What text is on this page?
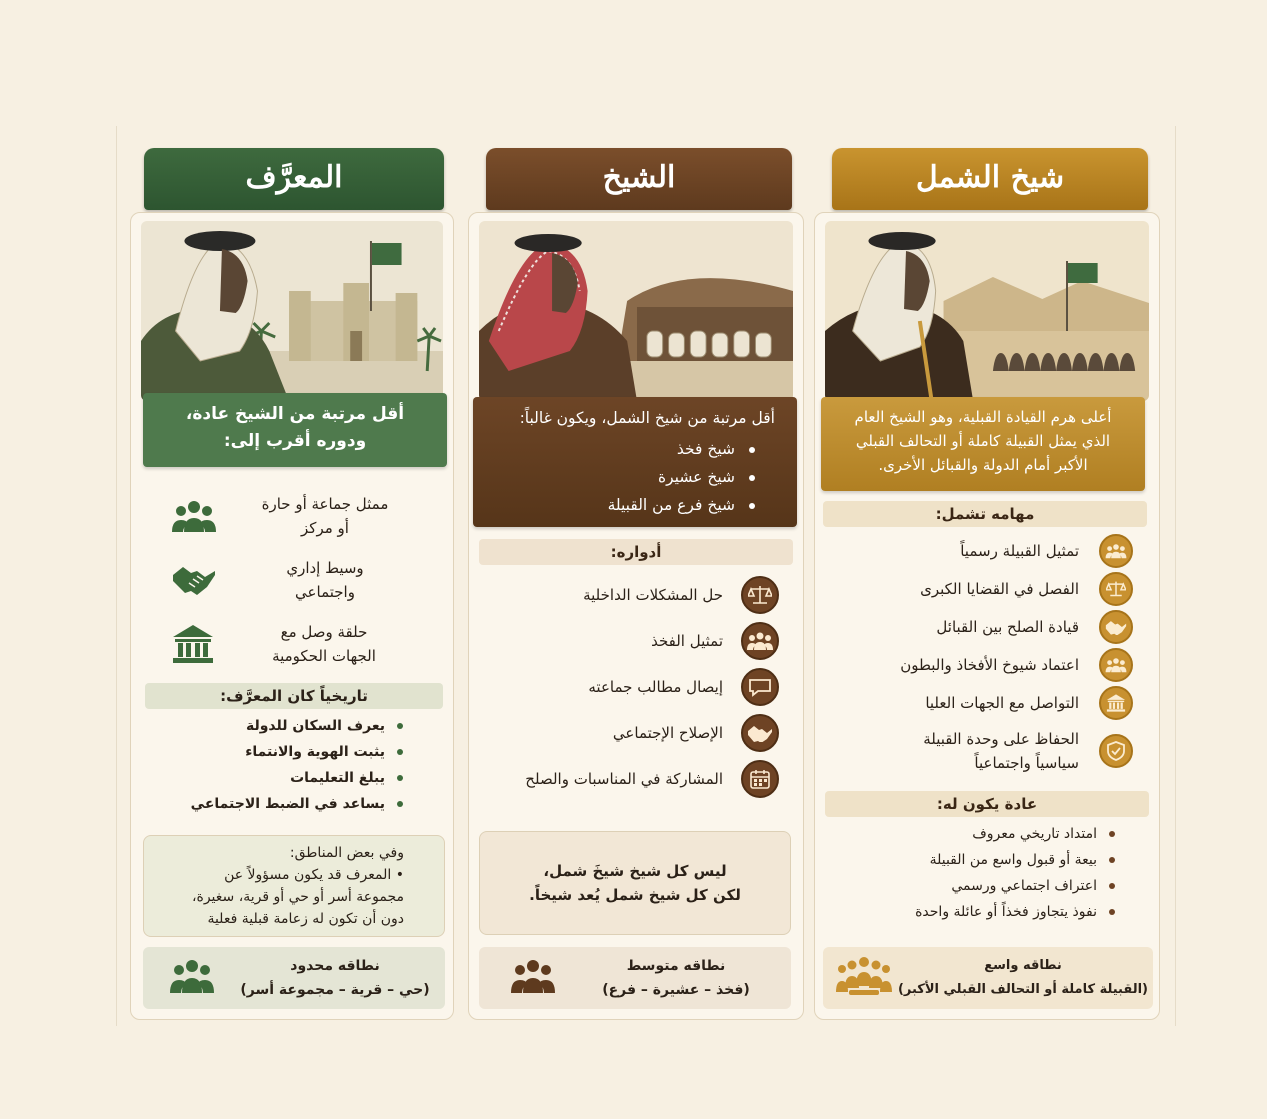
المعرَّف
أقل مرتبة من الشيخ عادة،
ودوره أقرب إلى:
ممثل جماعة أو حارة
أو مركز
وسيط إداري
واجتماعي
حلقة وصل مع
الجهات الحكومية
تاريخياً كان المعرَّف:
يعرف السكان للدولة
يثبت الهوية والانتماء
يبلغ التعليمات
يساعد في الضبط الاجتماعي
وفي بعض المناطق:
• المعرف قد يكون مسؤولاً عن
مجموعة أسر أو حي أو قرية، سغيرة،
دون أن تكون له زعامة قبلية فعلية
نطاقه محدود
(حي – قرية – مجموعة أسر)
الشيخ
أقل مرتبة من شيخ الشمل، ويكون غالباً:
شيخ فخذ
شيخ عشيرة
شيخ فرع من القبيلة
أدواره:
حل المشكلات الداخلية
تمثيل الفخذ
إيصال مطالب جماعته
الإصلاح الإجتماعي
المشاركة في المناسبات والصلح
ليس كل شيخ شيخَ شمل،
لكن كل شيخ شمل يُعد شيخاً.
نطاقه متوسط
(فخذ – عشيرة – فرع)
شيخ الشمل
أعلى هرم القيادة القبلية، وهو الشيخ العام
الذي يمثل القبيلة كاملة أو التحالف القبلي
الأكبر أمام الدولة والقبائل الأخرى.
مهامه تشمل:
تمثيل القبيلة رسمياً
الفصل في القضايا الكبرى
قيادة الصلح بين القبائل
اعتماد شيوخ الأفخاذ والبطون
التواصل مع الجهات العليا
الحفاظ على وحدة القبيلة
سياسياً واجتماعياً
عادة يكون له:
امتداد تاريخي معروف
بيعة أو قبول واسع من القبيلة
اعتراف اجتماعي ورسمي
نفوذ يتجاوز فخذاً أو عائلة واحدة
نطاقه واسع
(القبيلة كاملة أو التحالف القبلي الأكبر)
